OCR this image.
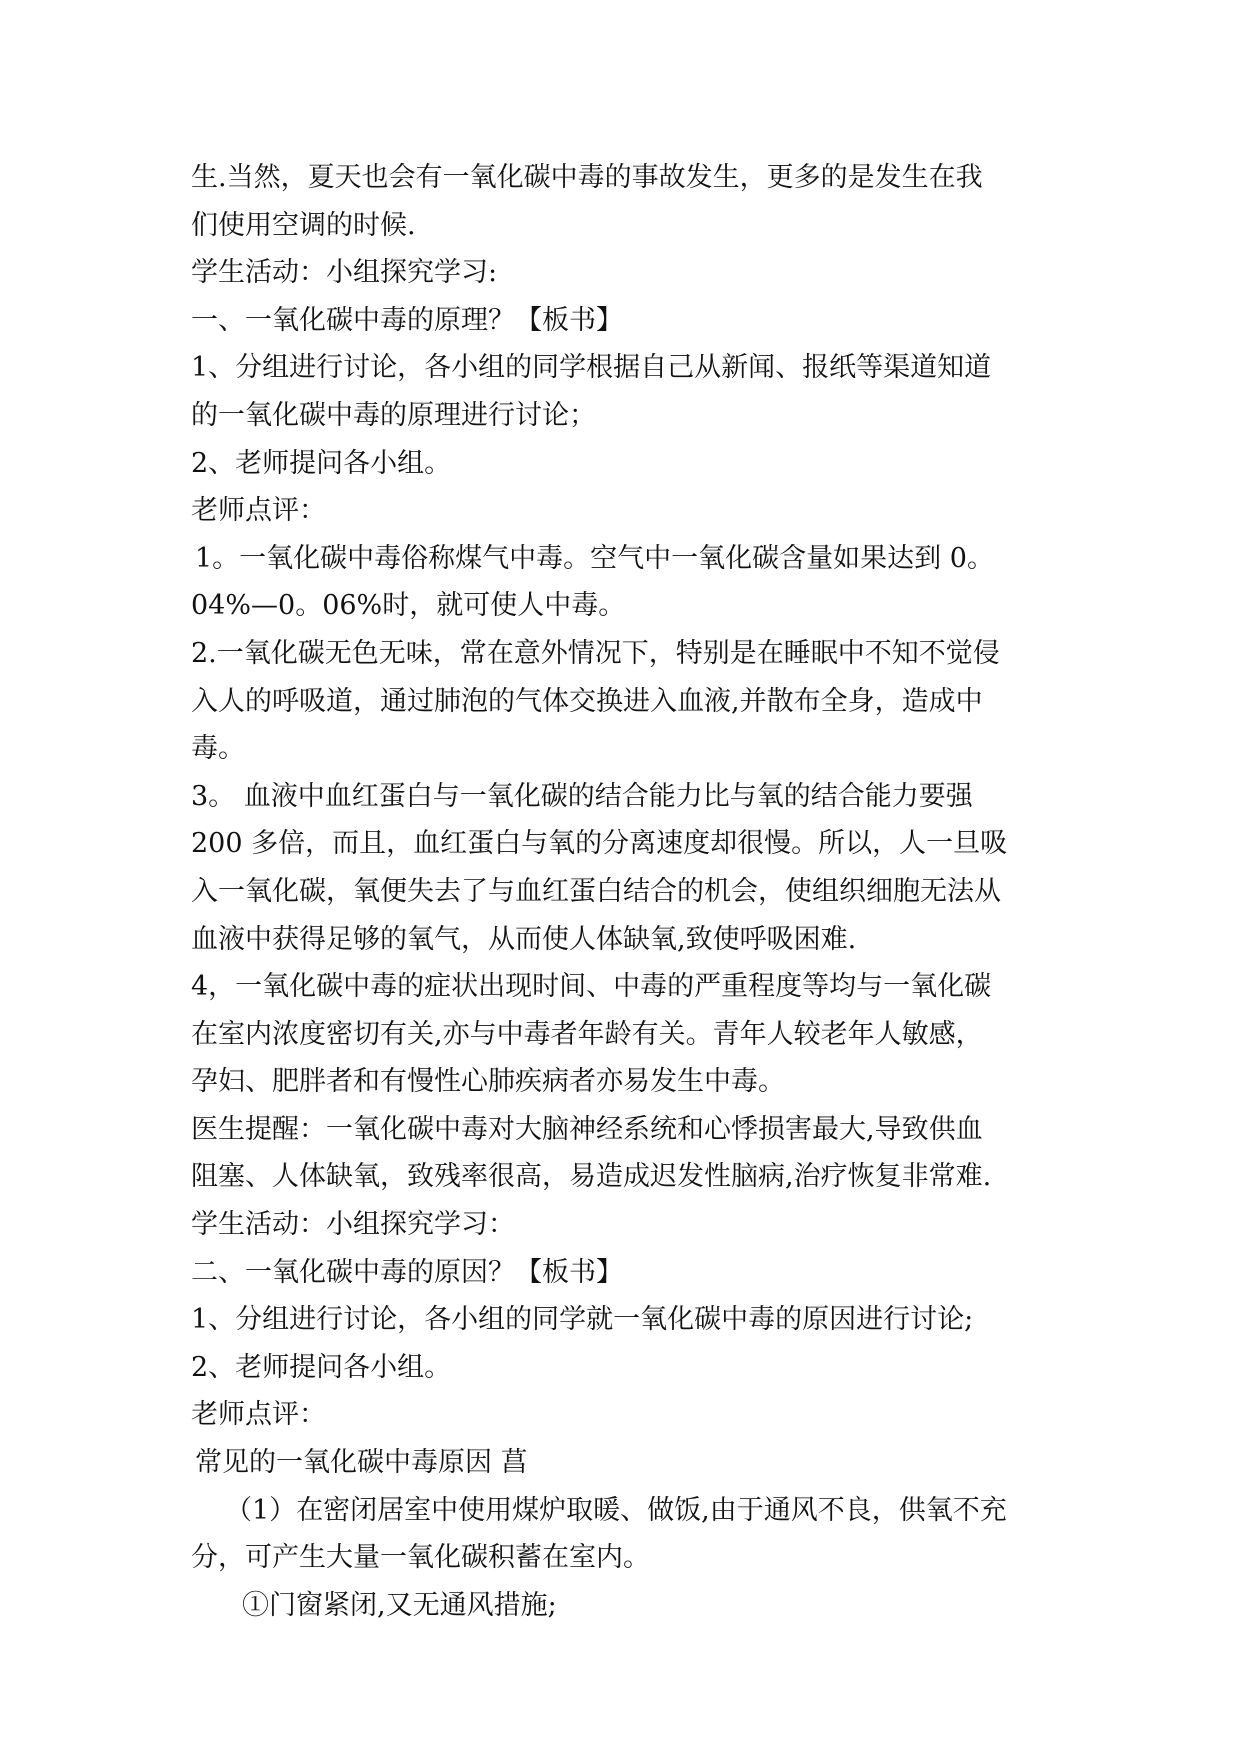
生.当然，夏天也会有一氧化碳中毒的事故发生，更多的是发生在我
们使用空调的时候.
学生活动：小组探究学习:
一、一氧化碳中毒的原理？【板书】
1、分组进行讨论，各小组的同学根据自己从新闻、报纸等渠道知道
的一氧化碳中毒的原理进行讨论；
2、老师提问各小组。
老师点评：
1。一氧化碳中毒俗称煤气中毒。空气中一氧化碳含量如果达到 0。
04%—0。06%时，就可使人中毒。
2.一氧化碳无色无味，常在意外情况下，特别是在睡眠中不知不觉侵
入人的呼吸道，通过肺泡的气体交换进入血液,并散布全身，造成中
毒。
3。 血液中血红蛋白与一氧化碳的结合能力比与氧的结合能力要强
200 多倍，而且，血红蛋白与氧的分离速度却很慢。所以，人一旦吸
入一氧化碳，氧便失去了与血红蛋白结合的机会，使组织细胞无法从
血液中获得足够的氧气，从而使人体缺氧,致使呼吸困难.
4，一氧化碳中毒的症状出现时间、中毒的严重程度等均与一氧化碳
在室内浓度密切有关,亦与中毒者年龄有关。青年人较老年人敏感，
孕妇、肥胖者和有慢性心肺疾病者亦易发生中毒。
医生提醒：一氧化碳中毒对大脑神经系统和心悸损害最大,导致供血
阻塞、人体缺氧，致残率很高，易造成迟发性脑病,治疗恢复非常难.
学生活动：小组探究学习：
二、一氧化碳中毒的原因？【板书】
1、分组进行讨论，各小组的同学就一氧化碳中毒的原因进行讨论;
2、老师提问各小组。
老师点评：
常见的一氧化碳中毒原因 菖
（1）在密闭居室中使用煤炉取暖、做饭,由于通风不良，供氧不充
分，可产生大量一氧化碳积蓄在室内。
①门窗紧闭,又无通风措施;
